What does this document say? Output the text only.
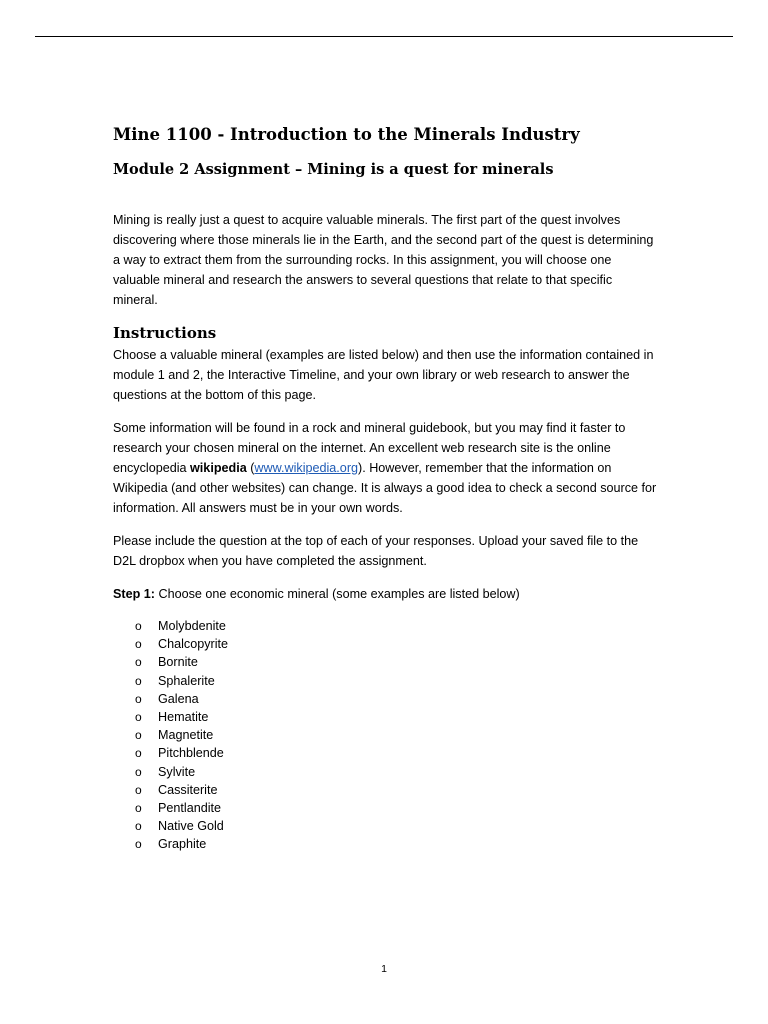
Mine 1100 - Introduction to the Minerals Industry
Module 2 Assignment – Mining is a quest for minerals

Mining is really just a quest to acquire valuable minerals. The first part of the quest involves discovering where those minerals lie in the Earth, and the second part of the quest is determining a way to extract them from the surrounding rocks. In this assignment, you will choose one valuable mineral and research the answers to several questions that relate to that specific mineral.

Instructions

Choose a valuable mineral (examples are listed below) and then use the information contained in module 1 and 2, the Interactive Timeline, and your own library or web research to answer the questions at the bottom of this page.

Some information will be found in a rock and mineral guidebook, but you may find it faster to research your chosen mineral on the internet. An excellent web research site is the online encyclopedia wikipedia (www.wikipedia.org). However, remember that the information on Wikipedia (and other websites) can change. It is always a good idea to check a second source for information. All answers must be in your own words.

Please include the question at the top of each of your responses. Upload your saved file to the D2L dropbox when you have completed the assignment.

Step 1: Choose one economic mineral (some examples are listed below)

o Molybdenite
o Chalcopyrite
o Bornite
o Sphalerite
o Galena
o Hematite
o Magnetite
o Pitchblende
o Sylvite
o Cassiterite
o Pentlandite
o Native Gold
o Graphite
1
